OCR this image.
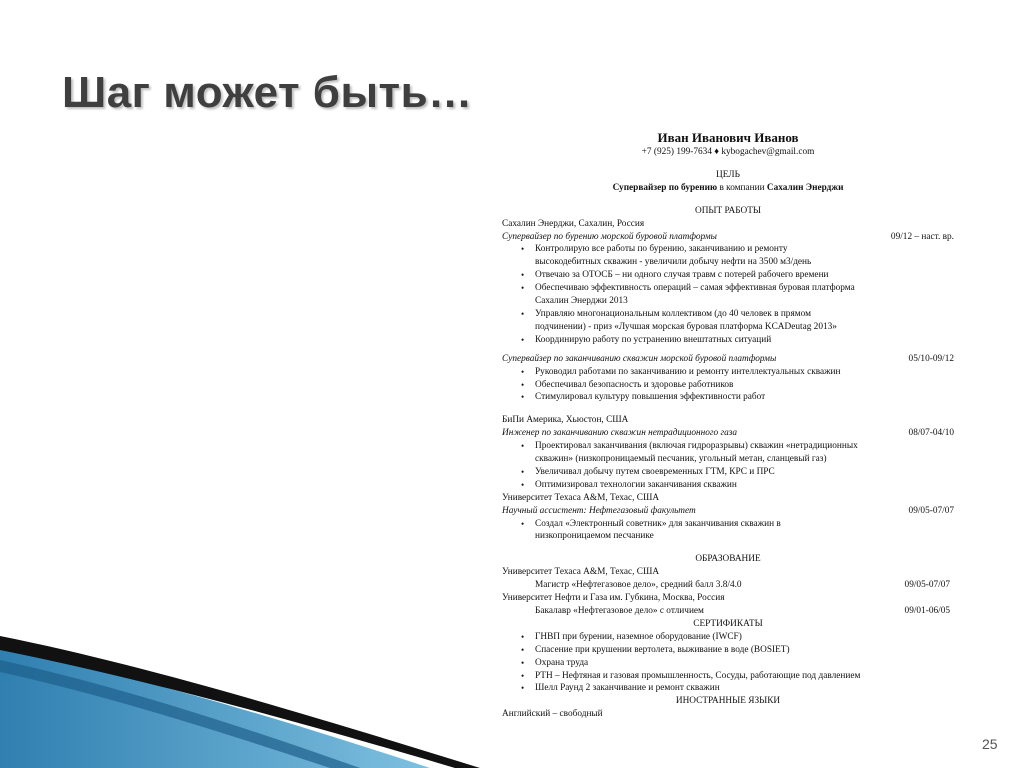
Шаг может быть…
Иван Иванович Иванов
+7 (925) 199-7634 ♦ kybogachev@gmail.com
ЦЕЛЬ
Супервайзер по бурению в компании Сахалин Энерджи
ОПЫТ РАБОТЫ
Сахалин Энерджи, Сахалин, Россия
Супервайзер по бурению морской буровой платформы	09/12 – наст. вр.
• Контролирую все работы по бурению, заканчиванию и ремонту
высокодебитных скважин - увеличили добычу нефти на 3500 м3/день
• Отвечаю за ОТОСБ – ни одного случая травм с потерей рабочего времени
• Обеспечиваю эффективность операций – самая эффективная буровая платформа
Сахалин Энерджи 2013
• Управляю многонациональным коллективом (до 40 человек в прямом
подчинении) - приз «Лучшая морская буровая платформа KCADeutag 2013»
• Координирую работу по устранению внештатных ситуаций
Супервайзер по заканчиванию скважин морской буровой платформы	05/10-09/12
• Руководил работами по заканчиванию и ремонту интеллектуальных скважин
• Обеспечивал безопасность и здоровье работников
• Стимулировал культуру повышения эффективности работ
БиПи Америка, Хьюстон, США
Инженер по заканчиванию скважин нетрадиционного газа	08/07-04/10
• Проектировал заканчивания (включая гидроразрывы) скважин «нетрадиционных
скважин» (низкопроницаемый песчаник, угольный метан, сланцевый газ)
• Увеличивал добычу путем своевременных ГТМ, КРС и ПРС
• Оптимизировал технологии заканчивания скважин
Университет Техаса A&M, Техас, США
Научный ассистент: Нефтегазовый факультет	09/05-07/07
• Создал «Электронный советник» для заканчивания скважин в
низкопроницаемом песчанике
ОБРАЗОВАНИЕ
Университет Техаса A&M, Техас, США
Магистр «Нефтегазовое дело», средний балл 3.8/4.0	09/05-07/07
Университет Нефти и Газа им. Губкина, Москва, Россия
Бакалавр «Нефтегазовое дело» с отличием	09/01-06/05
СЕРТИФИКАТЫ
• ГНВП при бурении, наземное оборудование (IWCF)
• Спасение при крушении вертолета, выживание в воде (BOSIET)
• Охрана труда
• РТН – Нефтяная и газовая промышленность, Сосуды, работающие под давлением
• Шелл Раунд 2 заканчивание и ремонт скважин
ИНОСТРАННЫЕ ЯЗЫКИ
Английский – свободный
25
